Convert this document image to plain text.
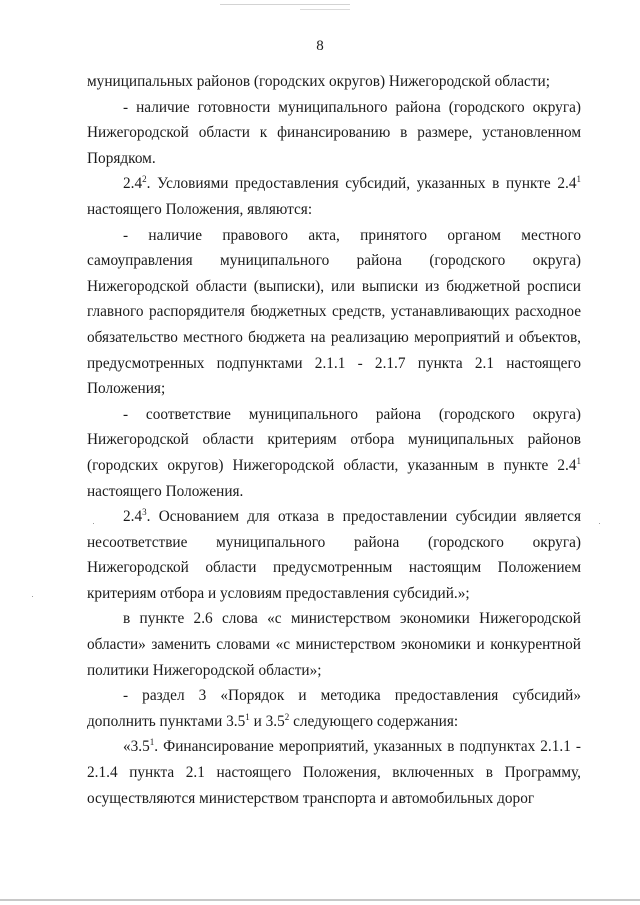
8

муниципальных районов (городских округов) Нижегородской области;

- наличие готовности муниципального района (городского округа) Нижегородской области к финансированию в размере, установленном Порядком.

$2.4^2$. Условиями предоставления субсидий, указанных в пункте $2.4^1$ настоящего Положения, являются:

- наличие правового акта, принятого органом местного самоуправления муниципального района (городского округа) Нижегородской области (выписки), или выписки из бюджетной росписи главного распорядителя бюджетных средств, устанавливающих расходное обязательство местного бюджета на реализацию мероприятий и объектов, предусмотренных подпунктами 2.1.1 - 2.1.7 пункта 2.1 настоящего Положения;

- соответствие муниципального района (городского округа) Нижегородской области критериям отбора муниципальных районов (городских округов) Нижегородской области, указанным в пункте $2.4^1$ настоящего Положения.

$2.4^3$. Основанием для отказа в предоставлении субсидии является несоответствие муниципального района (городского округа) Нижегородской области предусмотренным настоящим Положением критериям отбора и условиям предоставления субсидий.»;

в пункте 2.6 слова «с министерством экономики Нижегородской области» заменить словами «с министерством экономики и конкурентной политики Нижегородской области»;

- раздел 3 «Порядок и методика предоставления субсидий» дополнить пунктами $3.5^1$ и $3.5^2$ следующего содержания:

«$3.5^1$. Финансирование мероприятий, указанных в подпунктах 2.1.1 - 2.1.4 пункта 2.1 настоящего Положения, включенных в Программу, осуществляются министерством транспорта и автомобильных дорог
